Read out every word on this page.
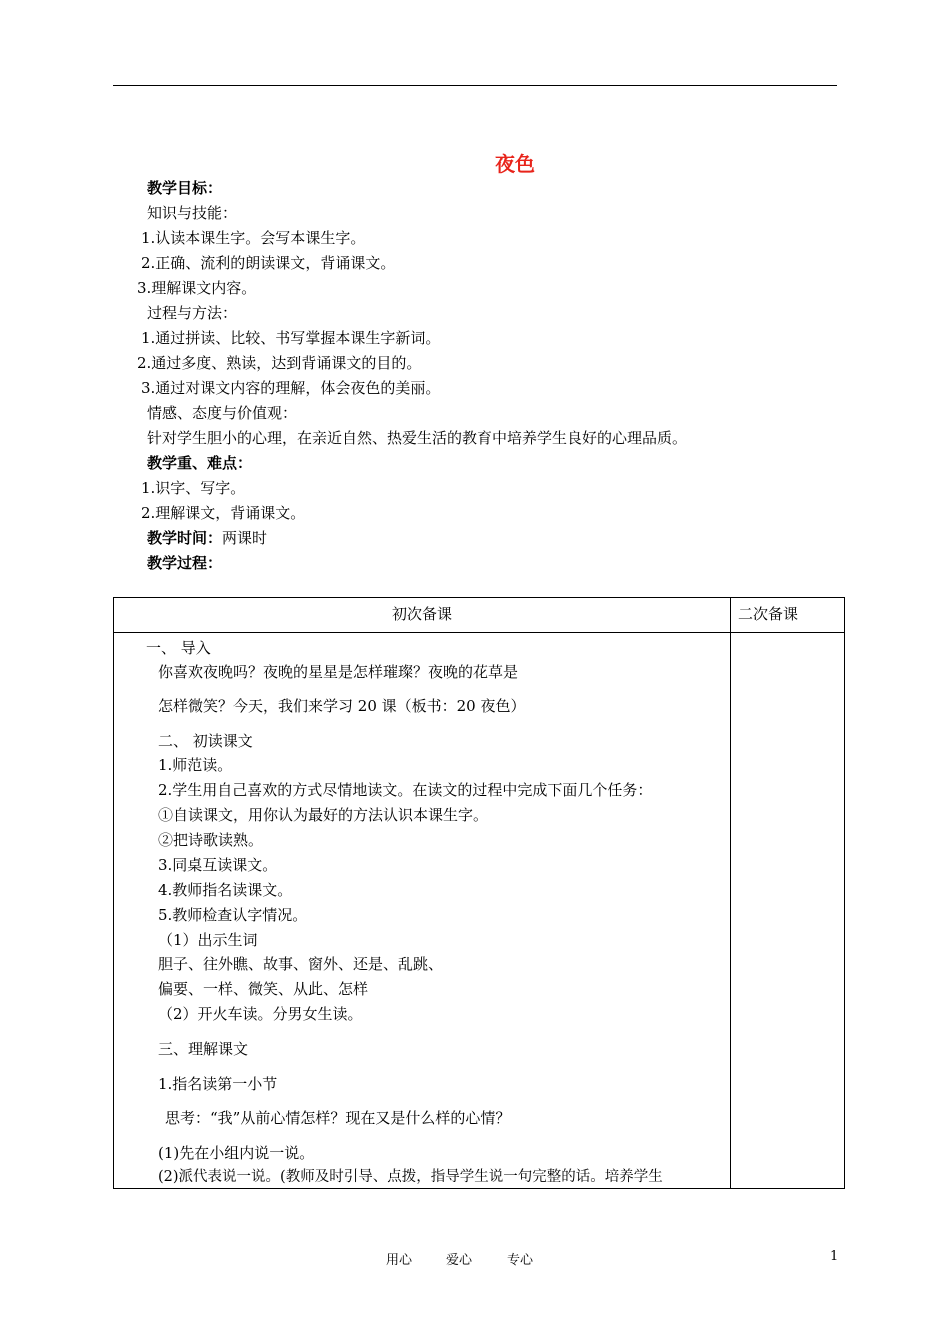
夜色
教学目标：
知识与技能：
1.认读本课生字。会写本课生字。
2.正确、流利的朗读课文，背诵课文。
3.理解课文内容。
过程与方法：
1.通过拼读、比较、书写掌握本课生字新词。
2.通过多度、熟读，达到背诵课文的目的。
3.通过对课文内容的理解，体会夜色的美丽。
情感、态度与价值观：
针对学生胆小的心理，在亲近自然、热爱生活的教育中培养学生良好的心理品质。
教学重、难点：
1.识字、写字。
2.理解课文，背诵课文。
教学时间：两课时
教学过程：
初次备课	二次备课
一、 导入
你喜欢夜晚吗？夜晚的星星是怎样璀璨？夜晚的花草是
怎样微笑？今天，我们来学习 20 课（板书：20 夜色）
二、 初读课文
1.师范读。
2.学生用自己喜欢的方式尽情地读文。在读文的过程中完成下面几个任务：
①自读课文，用你认为最好的方法认识本课生字。
②把诗歌读熟。
3.同桌互读课文。
4.教师指名读课文。
5.教师检查认字情况。
（1）出示生词
胆子、往外瞧、故事、窗外、还是、乱跳、
偏要、一样、微笑、从此、怎样
（2）开火车读。分男女生读。
三、理解课文
1.指名读第一小节
思考：“我”从前心情怎样？现在又是什么样的心情？
(1)先在小组内说一说。
(2)派代表说一说。(教师及时引导、点拨，指导学生说一句完整的话。培养学生
用心	爱心	专心	1
